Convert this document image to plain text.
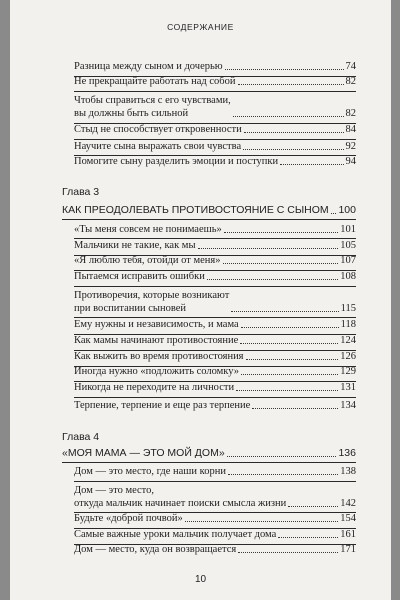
СОДЕРЖАНИЕ
Разница между сыном и дочерью	74
Не прекращайте работать над собой	82
Чтобы справиться с его чувствами,
вы должны быть сильной	82
Стыд не способствует откровенности	84
Научите сына выражать свои чувства	92
Помогите сыну разделить эмоции и поступки	94
Глава 3
КАК ПРЕОДОЛЕВАТЬ ПРОТИВОСТОЯНИЕ С СЫНОМ 100
«Ты меня совсем не понимаешь»	101
Мальчики не такие, как мы	105
«Я люблю тебя, отойди от меня»	107
Пытаемся исправить ошибки	108
Противоречия, которые возникают
при воспитании сыновей	115
Ему нужны и независимость, и мама	118
Как мамы начинают противостояние	124
Как выжить во время противостояния	126
Иногда нужно «подложить соломку»	129
Никогда не переходите на личности	131
Терпение, терпение и еще раз терпение	134
Глава 4
«МОЯ МАМА — ЭТО МОЙ ДОМ»	136
Дом — это место, где наши корни	138
Дом — это место,
откуда мальчик начинает поиски смысла жизни	142
Будьте «доброй почвой»	154
Самые важные уроки мальчик получает дома	161
Дом — место, куда он возвращается	171
10
